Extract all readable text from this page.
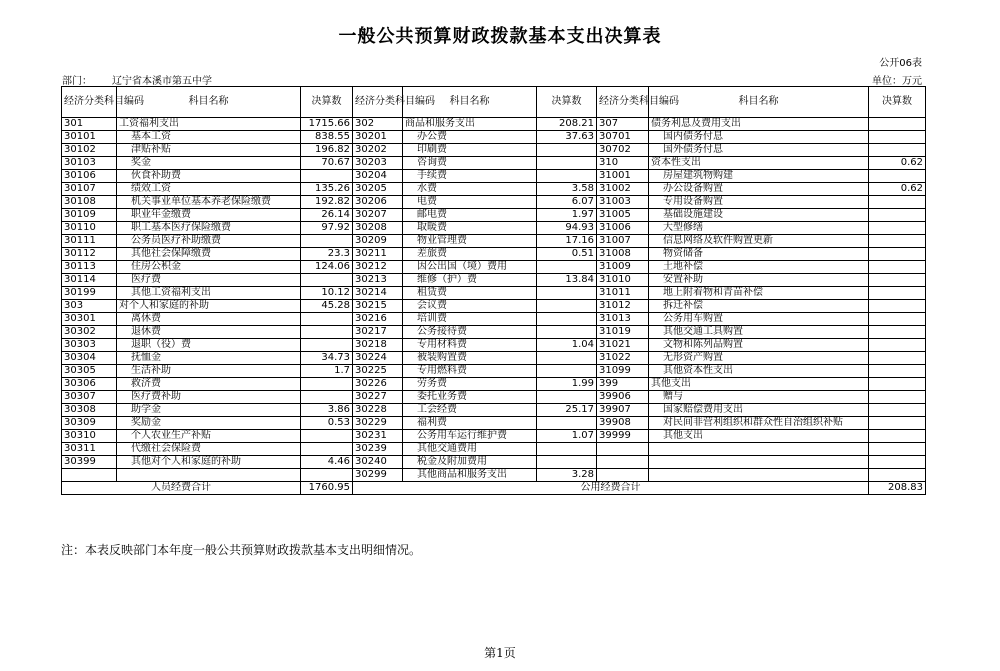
一般公共预算财政拨款基本支出决算表
公开06表
部门： 辽宁省本溪市第五中学	单位：万元
经济分类科目编码	科目名称	决算数	经济分类科目编码	科目名称	决算数	经济分类科目编码	科目名称	决算数
301	工资福利支出	1715.66	302	商品和服务支出	208.21	307	债务利息及费用支出	
30101	基本工资	838.55	30201	办公费	37.63	30701	国内债务付息	
30102	津贴补贴	196.82	30202	印刷费		30702	国外债务付息	
30103	奖金	70.67	30203	咨询费		310	资本性支出	0.62
30106	伙食补助费		30204	手续费		31001	房屋建筑物购建	
30107	绩效工资	135.26	30205	水费	3.58	31002	办公设备购置	0.62
30108	机关事业单位基本养老保险缴费	192.82	30206	电费	6.07	31003	专用设备购置	
30109	职业年金缴费	26.14	30207	邮电费	1.97	31005	基础设施建设	
30110	职工基本医疗保险缴费	97.92	30208	取暖费	94.93	31006	大型修缮	
30111	公务员医疗补助缴费		30209	物业管理费	17.16	31007	信息网络及软件购置更新	
30112	其他社会保障缴费	23.3	30211	差旅费	0.51	31008	物资储备	
30113	住房公积金	124.06	30212	因公出国（境）费用		31009	土地补偿	
30114	医疗费		30213	维修（护）费	13.84	31010	安置补助	
30199	其他工资福利支出	10.12	30214	租赁费		31011	地上附着物和青苗补偿	
303	对个人和家庭的补助	45.28	30215	会议费		31012	拆迁补偿	
30301	离休费		30216	培训费		31013	公务用车购置	
30302	退休费		30217	公务接待费		31019	其他交通工具购置	
30303	退职（役）费		30218	专用材料费	1.04	31021	文物和陈列品购置	
30304	抚恤金	34.73	30224	被装购置费		31022	无形资产购置	
30305	生活补助	1.7	30225	专用燃料费		31099	其他资本性支出	
30306	救济费		30226	劳务费	1.99	399	其他支出	
30307	医疗费补助		30227	委托业务费		39906	赠与	
30308	助学金	3.86	30228	工会经费	25.17	39907	国家赔偿费用支出	
30309	奖励金	0.53	30229	福利费		39908	对民间非营利组织和群众性自治组织补贴	
30310	个人农业生产补贴		30231	公务用车运行维护费	1.07	39999	其他支出	
30311	代缴社会保险费		30239	其他交通费用				
30399	其他对个人和家庭的补助	4.46	30240	税金及附加费用				
			30299	其他商品和服务支出	3.28			
人员经费合计		1760.95	公用经费合计					208.83
注：本表反映部门本年度一般公共预算财政拨款基本支出明细情况。
第1页
